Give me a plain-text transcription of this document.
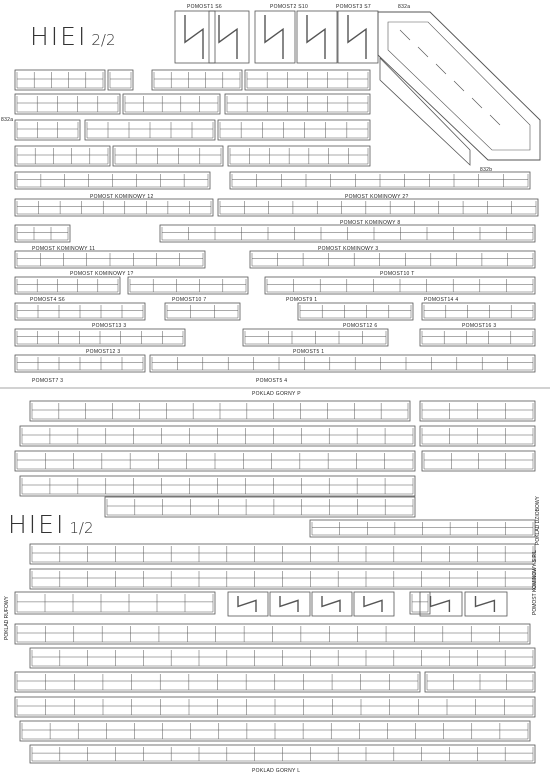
HIEI 2/2
HIEI 1/2
POMOST1 S6	POMOST2 S10	POMOST3 S7	832a
832a
832b
POMOST KOMINOWY 12	POMOST KOMINOWY 2?
POMOST KOMINOWY 8
POMOST KOMINOWY 11	POMOST KOMINOWY 3
POMOST KOMINOWY 1?	POMOST10 T
POMOST4 S6	POMOST10 7	POMOST9 1	POMOST14 4
POMOST13 3	POMOST12 6	POMOST16 3
POMOST12 3	POMOST5 1
POMOST7 3	POMOST5 4
POKLAD GORNY P
POKLAD DZIOBOWY
POKLAD RUFOWY
POMOST KOMINOWY S P/L
POKLAD GORNY L
